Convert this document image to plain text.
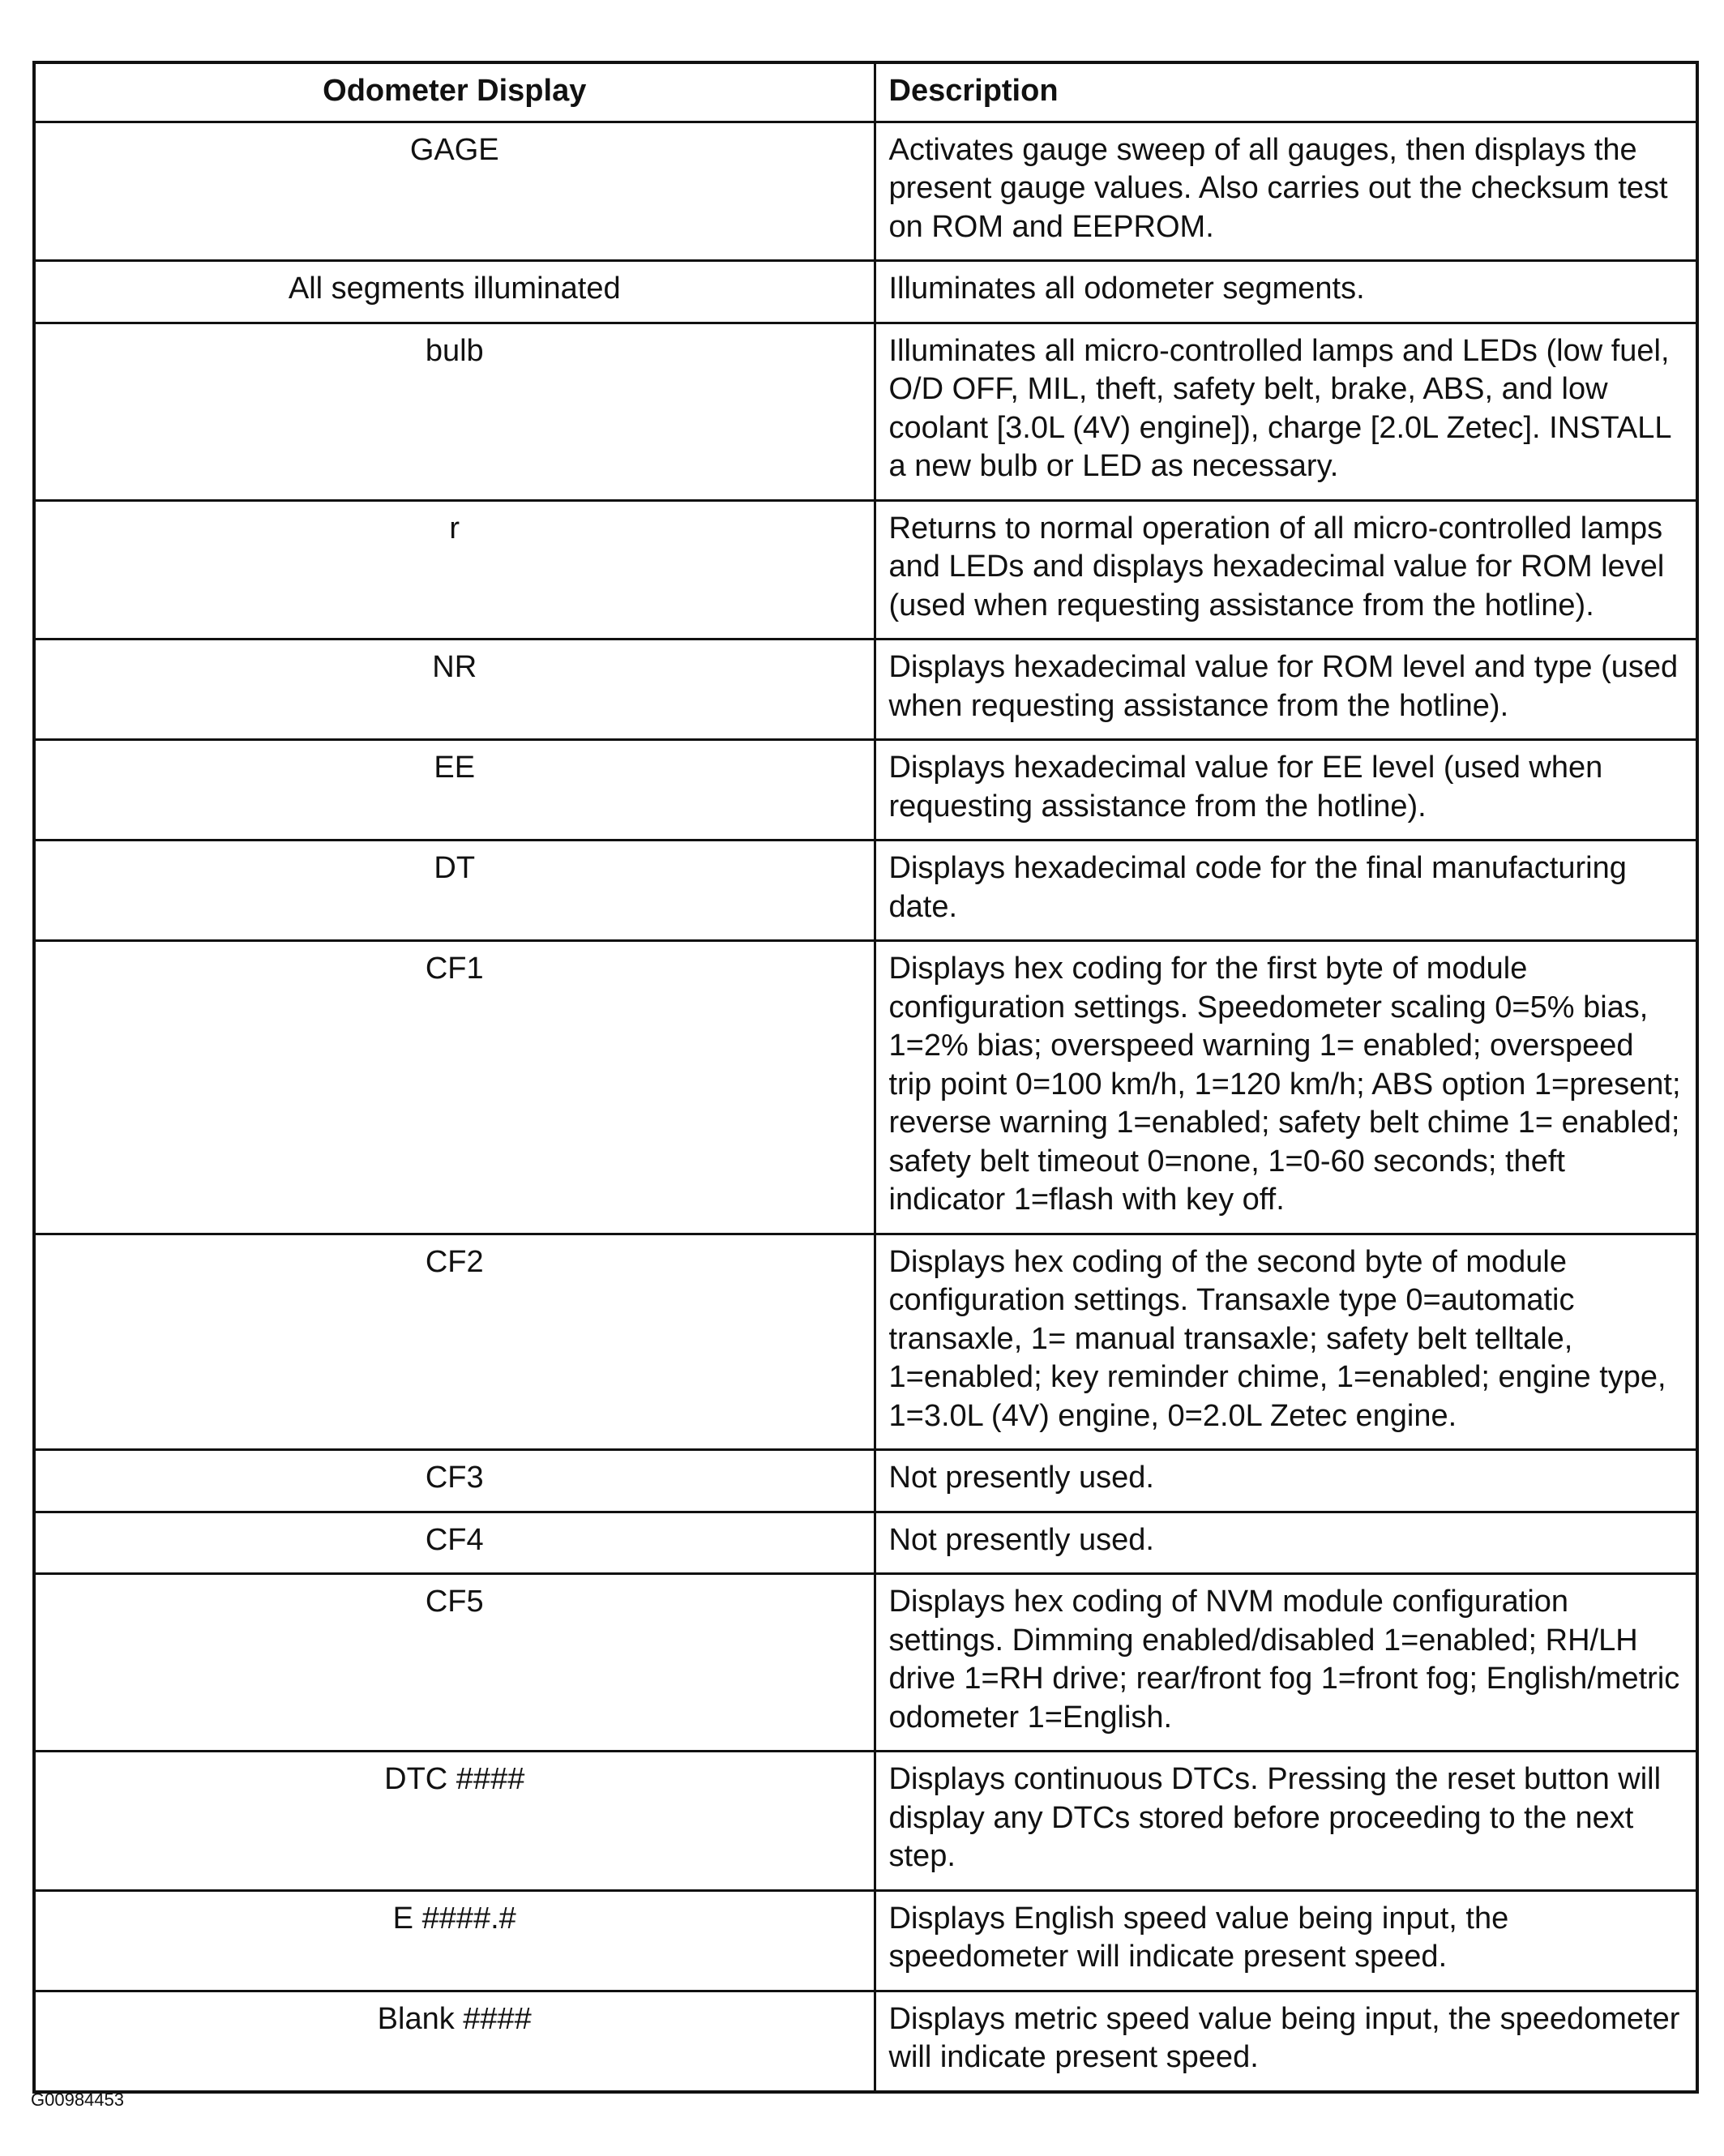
Odometer Display	Description
GAGE	Activates gauge sweep of all gauges, then displays the present gauge values. Also carries out the checksum test on ROM and EEPROM.
All segments illuminated	Illuminates all odometer segments.
bulb	Illuminates all micro-controlled lamps and LEDs (low fuel, O/D OFF, MIL, theft, safety belt, brake, ABS, and low coolant [3.0L (4V) engine]), charge [2.0L Zetec]. INSTALL a new bulb or LED as necessary.
r	Returns to normal operation of all micro-controlled lamps and LEDs and displays hexadecimal value for ROM level (used when requesting assistance from the hotline).
NR	Displays hexadecimal value for ROM level and type (used when requesting assistance from the hotline).
EE	Displays hexadecimal value for EE level (used when requesting assistance from the hotline).
DT	Displays hexadecimal code for the final manufacturing date.
CF1	Displays hex coding for the first byte of module configuration settings. Speedometer scaling 0=5% bias, 1=2% bias; overspeed warning 1= enabled; overspeed trip point 0=100 km/h, 1=120 km/h; ABS option 1=present; reverse warning 1=enabled; safety belt chime 1= enabled; safety belt timeout 0=none, 1=0-60 seconds; theft indicator 1=flash with key off.
CF2	Displays hex coding of the second byte of module configuration settings. Transaxle type 0=automatic transaxle, 1= manual transaxle; safety belt telltale, 1=enabled; key reminder chime, 1=enabled; engine type, 1=3.0L (4V) engine, 0=2.0L Zetec engine.
CF3	Not presently used.
CF4	Not presently used.
CF5	Displays hex coding of NVM module configuration settings. Dimming enabled/disabled 1=enabled; RH/LH drive 1=RH drive; rear/front fog 1=front fog; English/metric odometer 1=English.
DTC ####	Displays continuous DTCs. Pressing the reset button will display any DTCs stored before proceeding to the next step.
E ####.#	Displays English speed value being input, the speedometer will indicate present speed.
Blank ####	Displays metric speed value being input, the speedometer will indicate present speed.
G00984453
